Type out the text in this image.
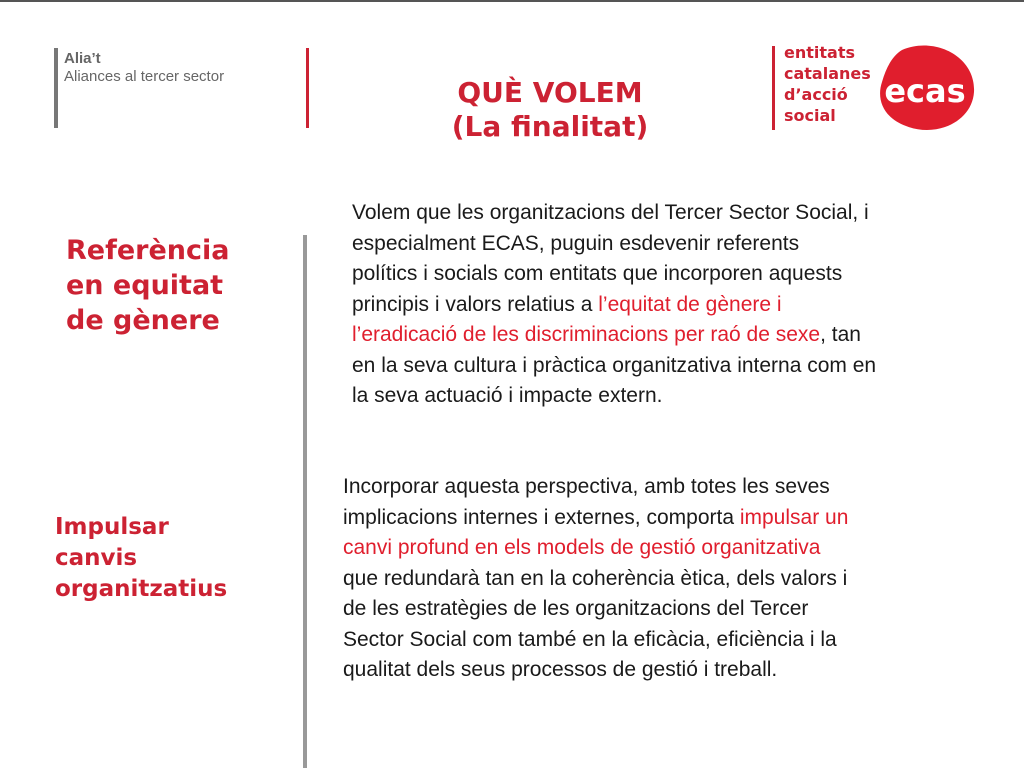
Alia’t
Aliances al tercer sector	QUÈ VOLEM
(La finalitat)
entitats
catalanes
d’acció
social
ecas
Referència
en equitat
de gènere
Volem que les organitzacions del Tercer Sector Social, i
especialment ECAS, puguin esdevenir referents
polítics i socials com entitats que incorporen aquests
principis i valors relatius a l’equitat de gènere i
l’eradicació de les discriminacions per raó de sexe, tan
en la seva cultura i pràctica organitzativa interna com en
la seva actuació i impacte extern.
Impulsar
canvis
organitzatius
Incorporar aquesta perspectiva, amb totes les seves
implicacions internes i externes, comporta impulsar un
canvi profund en els models de gestió organitzativa
que redundarà tan en la coherència ètica, dels valors i
de les estratègies de les organitzacions del Tercer
Sector Social com també en la eficàcia, eficiència i la
qualitat dels seus processos de gestió i treball.
